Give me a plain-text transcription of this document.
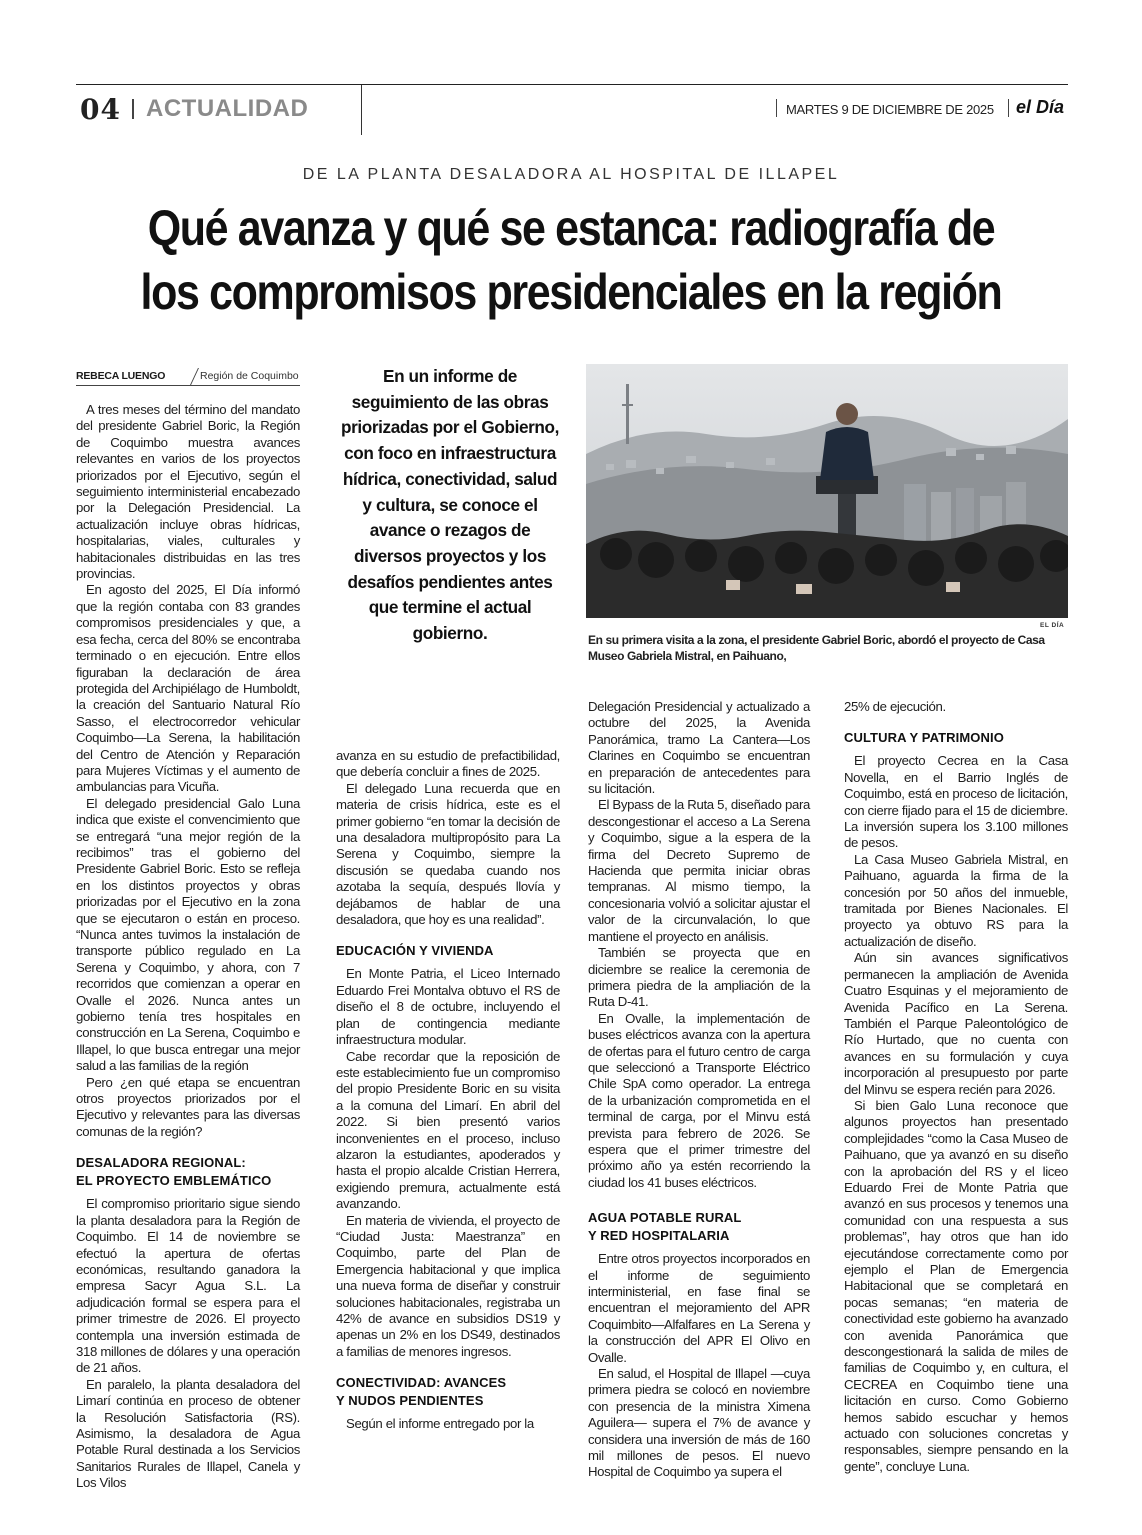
04 ACTUALIDAD	MARTES 9 DE DICIEMBRE DE 2025 el Día
DE LA PLANTA DESALADORA AL HOSPITAL DE ILLAPEL
Qué avanza y qué se estanca: radiografía de
los compromisos presidenciales en la región
REBECA LUENGO	Región de Coquimbo

A tres meses del término del mandato del presidente Gabriel Boric, la Región de Coquimbo muestra avances relevantes en varios de los proyectos priorizados por el Ejecutivo, según el seguimiento interministerial encabezado por la Delegación Presidencial. La actualización incluye obras hídricas, hospitalarias, viales, culturales y habitacionales distribuidas en las tres provincias.

En agosto del 2025, El Día informó que la región contaba con 83 grandes compromisos presidenciales y que, a esa fecha, cerca del 80% se encontraba terminado o en ejecución. Entre ellos figuraban la declaración de área protegida del Archipiélago de Humboldt, la creación del Santuario Natural Río Sasso, el electrocorredor vehicular Coquimbo—La Serena, la habilitación del Centro de Atención y Reparación para Mujeres Víctimas y el aumento de ambulancias para Vicuña.

El delegado presidencial Galo Luna indica que existe el convencimiento que se entregará “una mejor región de la recibimos” tras el gobierno del Presidente Gabriel Boric. Esto se refleja en los distintos proyectos y obras priorizadas por el Ejecutivo en la zona que se ejecutaron o están en proceso. “Nunca antes tuvimos la instalación de transporte público regulado en La Serena y Coquimbo, y ahora, con 7 recorridos que comienzan a operar en Ovalle el 2026. Nunca antes un gobierno tenía tres hospitales en construcción en La Serena, Coquimbo e Illapel, lo que busca entregar una mejor salud a las familias de la región

Pero ¿en qué etapa se encuentran otros proyectos priorizados por el Ejecutivo y relevantes para las diversas comunas de la región?

DESALADORA REGIONAL:
EL PROYECTO EMBLEMÁTICO

El compromiso prioritario sigue siendo la planta desaladora para la Región de Coquimbo. El 14 de noviembre se efectuó la apertura de ofertas económicas, resultando ganadora la empresa Sacyr Agua S.L. La adjudicación formal se espera para el primer trimestre de 2026. El proyecto contempla una inversión estimada de 318 millones de dólares y una operación de 21 años.

En paralelo, la planta desaladora del Limarí continúa en proceso de obtener la Resolución Satisfactoria (RS). Asimismo, la desaladora de Agua Potable Rural destinada a los Servicios Sanitarios Rurales de Illapel, Canela y Los Vilos

En un informe de seguimiento de las obras priorizadas por el Gobierno, con foco en infraestructura hídrica, conectividad, salud y cultura, se conoce el avance o rezagos de diversos proyectos y los desafíos pendientes antes que termine el actual gobierno.

avanza en su estudio de prefactibilidad, que debería concluir a fines de 2025.

El delegado Luna recuerda que en materia de crisis hídrica, este es el primer gobierno “en tomar la decisión de una desaladora multipropósito para La Serena y Coquimbo, siempre la discusión se quedaba cuando nos azotaba la sequía, después llovía y dejábamos de hablar de una desaladora, que hoy es una realidad”.

EDUCACIÓN Y VIVIENDA

En Monte Patria, el Liceo Internado Eduardo Frei Montalva obtuvo el RS de diseño el 8 de octubre, incluyendo el plan de contingencia mediante infraestructura modular.

Cabe recordar que la reposición de este establecimiento fue un compromiso del propio Presidente Boric en su visita a la comuna del Limarí. En abril del 2022. Si bien presentó varios inconvenientes en el proceso, incluso alzaron la estudiantes, apoderados y hasta el propio alcalde Cristian Herrera, exigiendo premura, actualmente está avanzando.

En materia de vivienda, el proyecto de “Ciudad Justa: Maestranza” en Coquimbo, parte del Plan de Emergencia habitacional y que implica una nueva forma de diseñar y construir soluciones habitacionales, registraba un 42% de avance en subsidios DS19 y apenas un 2% en los DS49, destinados a familias de menores ingresos.

CONECTIVIDAD: AVANCES
Y NUDOS PENDIENTES

Según el informe entregado por la

EL DÍA
En su primera visita a la zona, el presidente Gabriel Boric, abordó el proyecto de Casa Museo Gabriela Mistral, en Paihuano,

Delegación Presidencial y actualizado a octubre del 2025, la Avenida Panorámica, tramo La Cantera—Los Clarines en Coquimbo se encuentran en preparación de antecedentes para su licitación.

El Bypass de la Ruta 5, diseñado para descongestionar el acceso a La Serena y Coquimbo, sigue a la espera de la firma del Decreto Supremo de Hacienda que permita iniciar obras tempranas. Al mismo tiempo, la concesionaria volvió a solicitar ajustar el valor de la circunvalación, lo que mantiene el proyecto en análisis.

También se proyecta que en diciembre se realice la ceremonia de primera piedra de la ampliación de la Ruta D-41.

En Ovalle, la implementación de buses eléctricos avanza con la apertura de ofertas para el futuro centro de carga que seleccionó a Transporte Eléctrico Chile SpA como operador. La entrega de la urbanización comprometida en el terminal de carga, por el Minvu está prevista para febrero de 2026. Se espera que el primer trimestre del próximo año ya estén recorriendo la ciudad los 41 buses eléctricos.

AGUA POTABLE RURAL
Y RED HOSPITALARIA

Entre otros proyectos incorporados en el informe de seguimiento interministerial, en fase final se encuentran el mejoramiento del APR Coquimbito—Alfalfares en La Serena y la construcción del APR El Olivo en Ovalle.

En salud, el Hospital de Illapel —cuya primera piedra se colocó en noviembre con presencia de la ministra Ximena Aguilera— supera el 7% de avance y considera una inversión de más de 160 mil millones de pesos. El nuevo Hospital de Coquimbo ya supera el

25% de ejecución.

CULTURA Y PATRIMONIO

El proyecto Cecrea en la Casa Novella, en el Barrio Inglés de Coquimbo, está en proceso de licitación, con cierre fijado para el 15 de diciembre. La inversión supera los 3.100 millones de pesos.

La Casa Museo Gabriela Mistral, en Paihuano, aguarda la firma de la concesión por 50 años del inmueble, tramitada por Bienes Nacionales. El proyecto ya obtuvo RS para la actualización de diseño.

Aún sin avances significativos permanecen la ampliación de Avenida Cuatro Esquinas y el mejoramiento de Avenida Pacífico en La Serena. También el Parque Paleontológico de Río Hurtado, que no cuenta con avances en su formulación y cuya incorporación al presupuesto por parte del Minvu se espera recién para 2026.

Si bien Galo Luna reconoce que algunos proyectos han presentado complejidades “como la Casa Museo de Paihuano, que ya avanzó en su diseño con la aprobación del RS y el liceo Eduardo Frei de Monte Patria que avanzó en sus procesos y tenemos una comunidad con una respuesta a sus problemas”, hay otros que han ido ejecutándose correctamente como por ejemplo el Plan de Emergencia Habitacional que se completará en pocas semanas; “en materia de conectividad este gobierno ha avanzado con avenida Panorámica que descongestionará la salida de miles de familias de Coquimbo y, en cultura, el CECREA en Coquimbo tiene una licitación en curso. Como Gobierno hemos sabido escuchar y hemos actuado con soluciones concretas y responsables, siempre pensando en la gente”, concluye Luna.
